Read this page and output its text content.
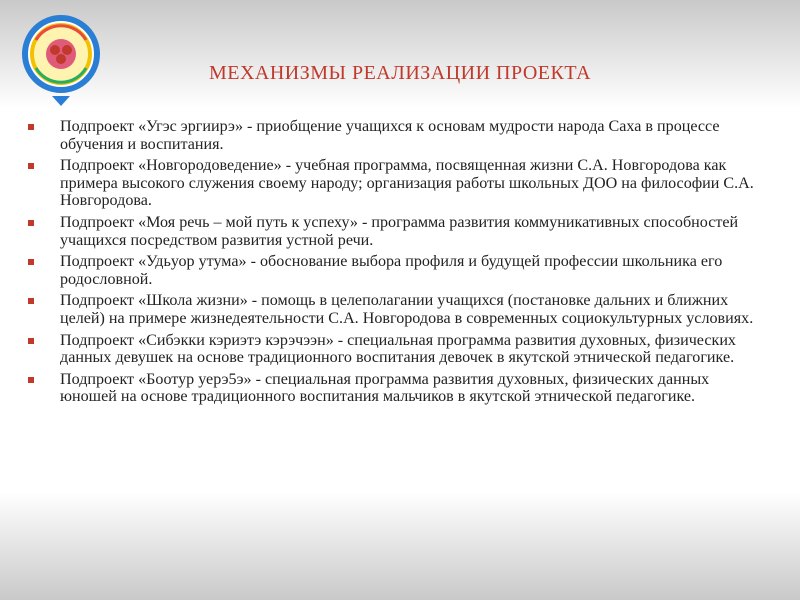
МЕХАНИЗМЫ РЕАЛИЗАЦИИ ПРОЕКТА
Подпроект «Угэс эргиирэ» - приобщение учащихся к основам мудрости народа Саха в процессе обучения и воспитания.
Подпроект «Новгородоведение» - учебная программа, посвященная жизни С.А. Новгородова как примера высокого служения своему народу; организация работы школьных ДОО на философии С.А. Новгородова.
Подпроект «Моя речь – мой путь к успеху» - программа развития коммуникативных способностей учащихся посредством развития устной речи.
Подпроект «Удьуор утума» - обоснование выбора профиля и будущей профессии школьника его родословной.
Подпроект «Школа жизни» - помощь в целеполагании учащихся (постановке дальних и ближних целей) на примере жизнедеятельности С.А. Новгородова в современных социокультурных условиях.
Подпроект «Сибэкки кэриэтэ кэрэчээн» - специальная программа развития духовных, физических данных девушек на основе традиционного воспитания девочек в якутской этнической педагогике.
Подпроект «Боотур уерэ5э» - специальная программа развития духовных, физических данных юношей на основе традиционного воспитания мальчиков в якутской этнической педагогике.
